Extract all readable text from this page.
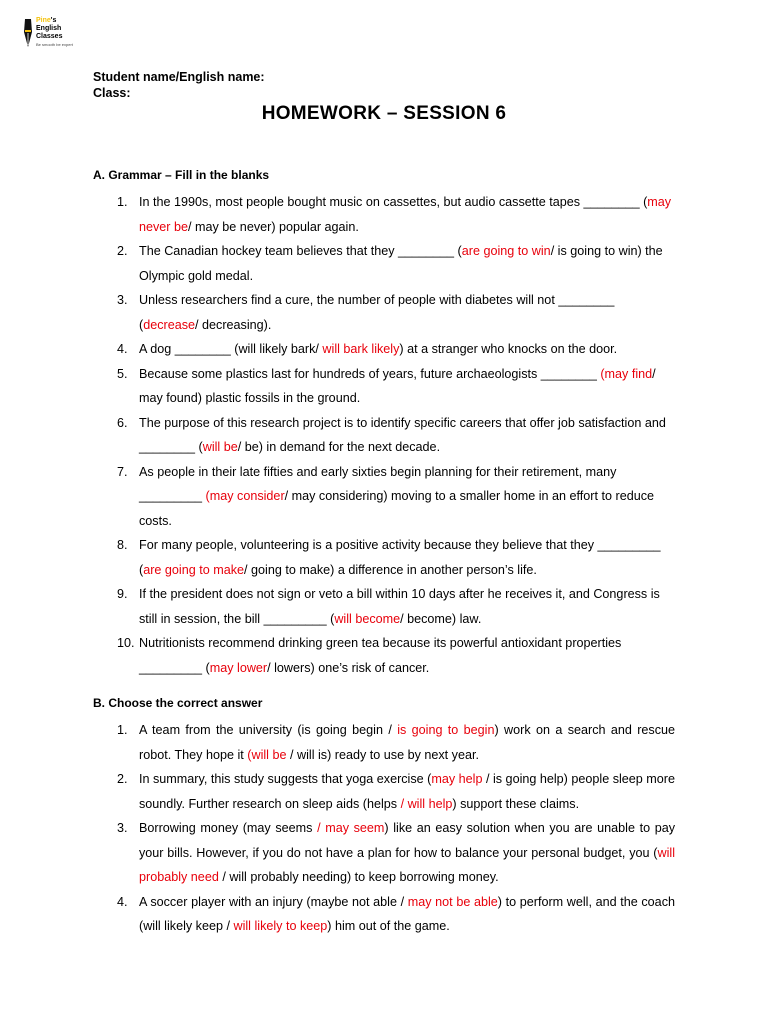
Pine's
English
Classes
Be smooth be expert
Student name/English name:
Class:
HOMEWORK – SESSION 6
A. Grammar – Fill in the blanks
1. In the 1990s, most people bought music on cassettes, but audio cassette tapes ________ (may never be/ may be never) popular again.
2. The Canadian hockey team believes that they ________ (are going to win/ is going to win) the Olympic gold medal.
3. Unless researchers find a cure, the number of people with diabetes will not ________ (decrease/ decreasing).
4. A dog ________ (will likely bark/ will bark likely) at a stranger who knocks on the door.
5. Because some plastics last for hundreds of years, future archaeologists ________ (may find/ may found) plastic fossils in the ground.
6. The purpose of this research project is to identify specific careers that offer job satisfaction and ________ (will be/ be) in demand for the next decade.
7. As people in their late fifties and early sixties begin planning for their retirement, many _________ (may consider/ may considering) moving to a smaller home in an effort to reduce costs.
8. For many people, volunteering is a positive activity because they believe that they _________ (are going to make/ going to make) a difference in another person’s life.
9. If the president does not sign or veto a bill within 10 days after he receives it, and Congress is still in session, the bill _________ (will become/ become) law.
10. Nutritionists recommend drinking green tea because its powerful antioxidant properties _________ (may lower/ lowers) one’s risk of cancer.
B. Choose the correct answer
1. A team from the university (is going begin / is going to begin) work on a search and rescue robot. They hope it (will be / will is) ready to use by next year.
2. In summary, this study suggests that yoga exercise (may help / is going help) people sleep more soundly. Further research on sleep aids (helps / will help) support these claims.
3. Borrowing money (may seems / may seem) like an easy solution when you are unable to pay your bills. However, if you do not have a plan for how to balance your personal budget, you (will probably need / will probably needing) to keep borrowing money.
4. A soccer player with an injury (maybe not able / may not be able) to perform well, and the coach (will likely keep / will likely to keep) him out of the game.
